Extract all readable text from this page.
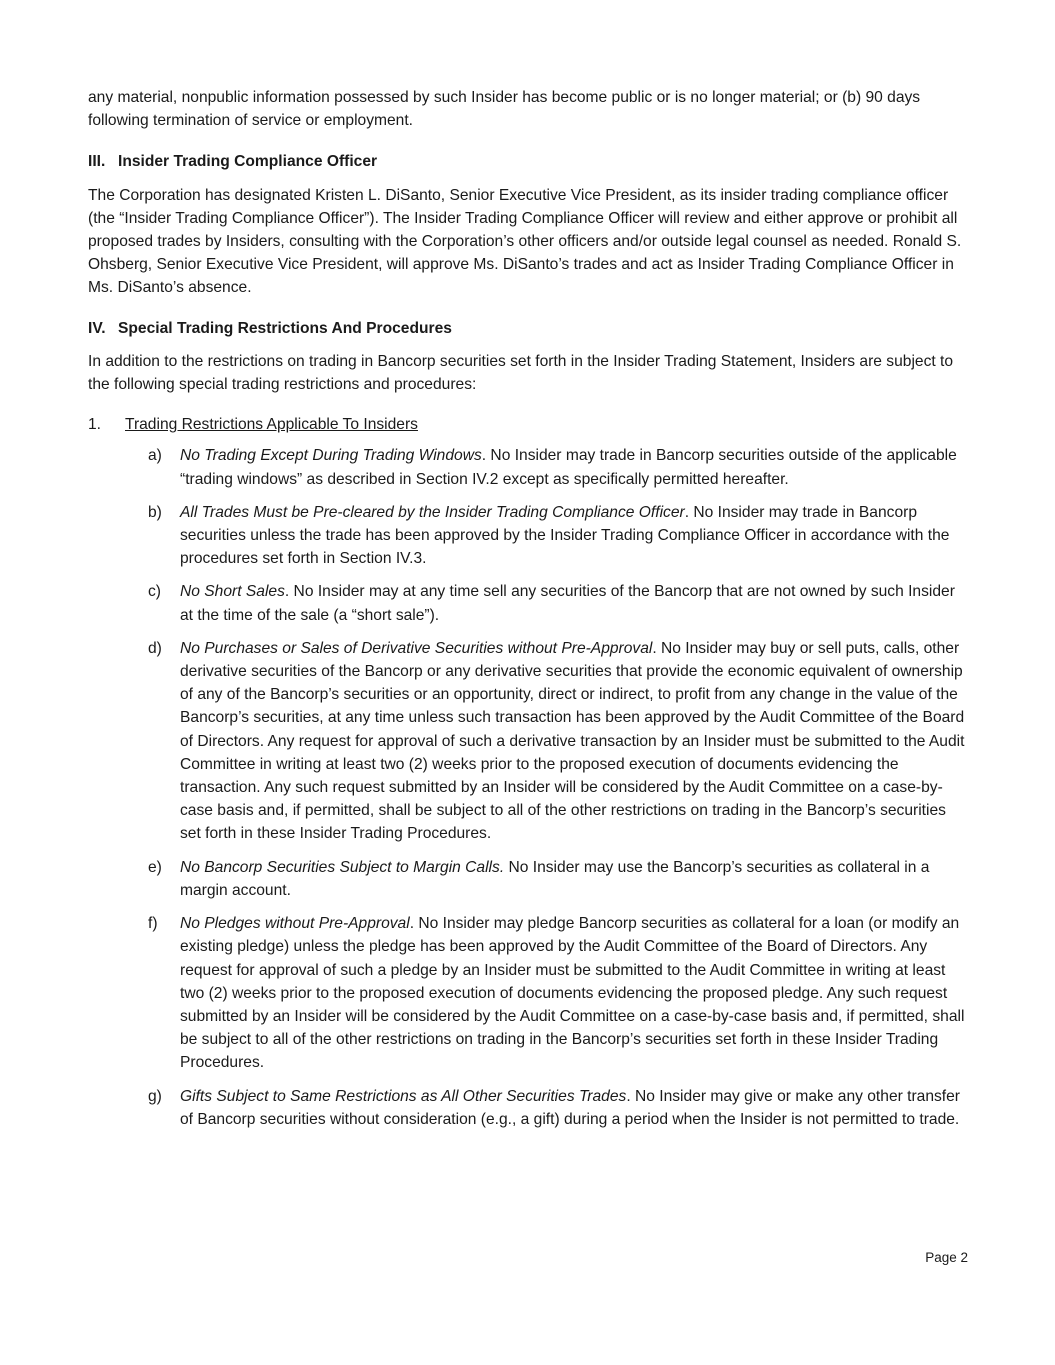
any material, nonpublic information possessed by such Insider has become public or is no longer material; or (b) 90 days following termination of service or employment.

III. Insider Trading Compliance Officer

The Corporation has designated Kristen L. DiSanto, Senior Executive Vice President, as its insider trading compliance officer (the “Insider Trading Compliance Officer”). The Insider Trading Compliance Officer will review and either approve or prohibit all proposed trades by Insiders, consulting with the Corporation’s other officers and/or outside legal counsel as needed. Ronald S. Ohsberg, Senior Executive Vice President, will approve Ms. DiSanto’s trades and act as Insider Trading Compliance Officer in Ms. DiSanto’s absence.

IV. Special Trading Restrictions And Procedures

In addition to the restrictions on trading in Bancorp securities set forth in the Insider Trading Statement, Insiders are subject to the following special trading restrictions and procedures:

1.	Trading Restrictions Applicable To Insiders
a)	No Trading Except During Trading Windows. No Insider may trade in Bancorp securities outside of the applicable “trading windows” as described in Section IV.2 except as specifically permitted hereafter.
b)	All Trades Must be Pre-cleared by the Insider Trading Compliance Officer. No Insider may trade in Bancorp securities unless the trade has been approved by the Insider Trading Compliance Officer in accordance with the procedures set forth in Section IV.3.
c)	No Short Sales. No Insider may at any time sell any securities of the Bancorp that are not owned by such Insider at the time of the sale (a “short sale”).
d)	No Purchases or Sales of Derivative Securities without Pre-Approval. No Insider may buy or sell puts, calls, other derivative securities of the Bancorp or any derivative securities that provide the economic equivalent of ownership of any of the Bancorp’s securities or an opportunity, direct or indirect, to profit from any change in the value of the Bancorp’s securities, at any time unless such transaction has been approved by the Audit Committee of the Board of Directors. Any request for approval of such a derivative transaction by an Insider must be submitted to the Audit Committee in writing at least two (2) weeks prior to the proposed execution of documents evidencing the transaction. Any such request submitted by an Insider will be considered by the Audit Committee on a case-by-case basis and, if permitted, shall be subject to all of the other restrictions on trading in the Bancorp’s securities set forth in these Insider Trading Procedures.
e)	No Bancorp Securities Subject to Margin Calls. No Insider may use the Bancorp’s securities as collateral in a margin account.
f)	No Pledges without Pre-Approval. No Insider may pledge Bancorp securities as collateral for a loan (or modify an existing pledge) unless the pledge has been approved by the Audit Committee of the Board of Directors. Any request for approval of such a pledge by an Insider must be submitted to the Audit Committee in writing at least two (2) weeks prior to the proposed execution of documents evidencing the proposed pledge. Any such request submitted by an Insider will be considered by the Audit Committee on a case-by-case basis and, if permitted, shall be subject to all of the other restrictions on trading in the Bancorp’s securities set forth in these Insider Trading Procedures.
g)	Gifts Subject to Same Restrictions as All Other Securities Trades. No Insider may give or make any other transfer of Bancorp securities without consideration (e.g., a gift) during a period when the Insider is not permitted to trade.
Page 2
